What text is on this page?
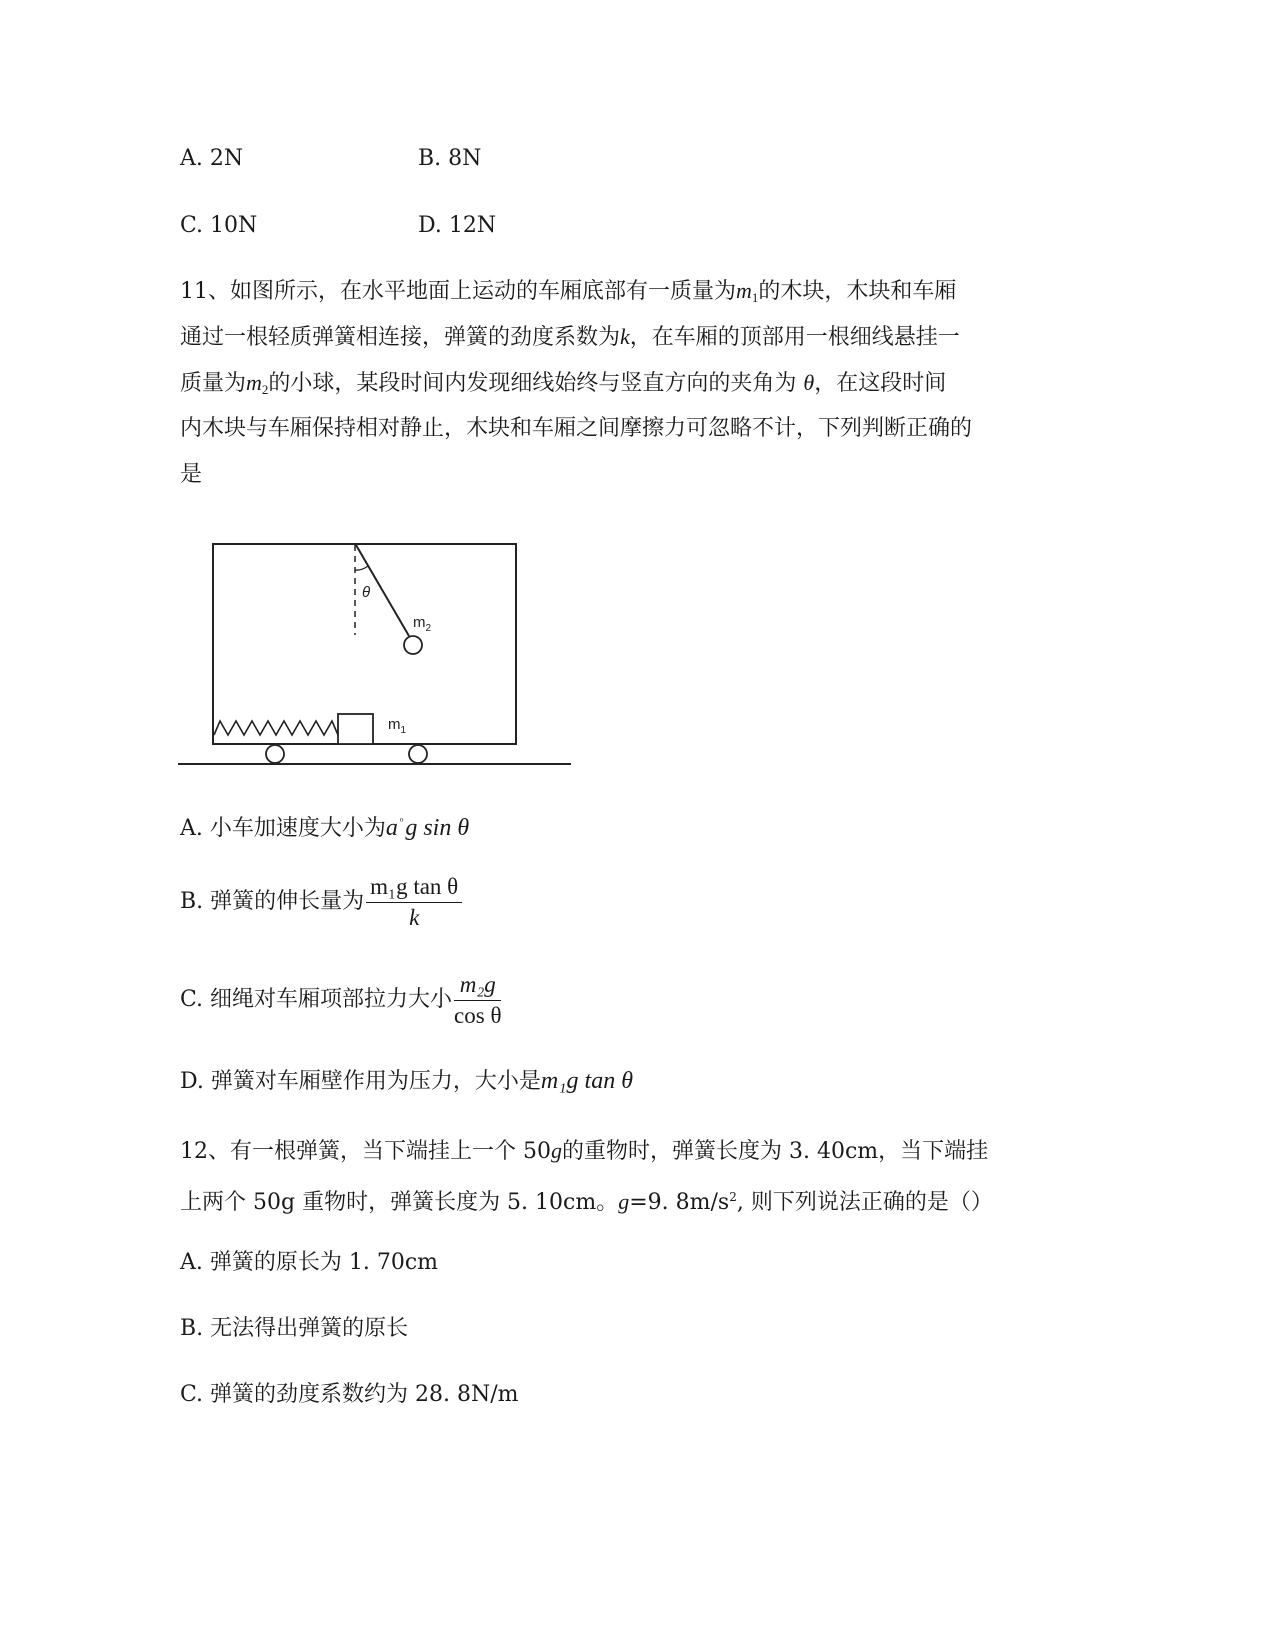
A. 2N	B. 8N
C. 10N	D. 12N
11、如图所示，在水平地面上运动的车厢底部有一质量为$m_1$的木块，木块和车厢
通过一根轻质弹簧相连接，弹簧的劲度系数为k，在车厢的顶部用一根细线悬挂一
质量为$m_2$的小球，某段时间内发现细线始终与竖直方向的夹角为 θ，在这段时间
内木块与车厢保持相对静止，木块和车厢之间摩擦力可忽略不计，下列判断正确的
是
θ
$m_2$
$m_1$
A. 小车加速度大小为a $^ᵒ$g sin θ
B. 弹簧的伸长量为 $\frac{\text{m₁g tan θ}}{k}$
C. 细绳对车厢项部拉力大小 $\frac{\text{m₂g}}{\text{cos θ}}$
D. 弹簧对车厢壁作用为压力，大小是m₁g tan θ
12、有一根弹簧，当下端挂上一个 50g的重物时，弹簧长度为 3. 40cm，当下端挂
上两个 50g 重物时，弹簧长度为 5. 10cm。g=9. $8m/s^2$, 则下列说法正确的是（）
A. 弹簧的原长为 1. 70cm
B. 无法得出弹簧的原长
C. 弹簧的劲度系数约为 28. 8N/m
